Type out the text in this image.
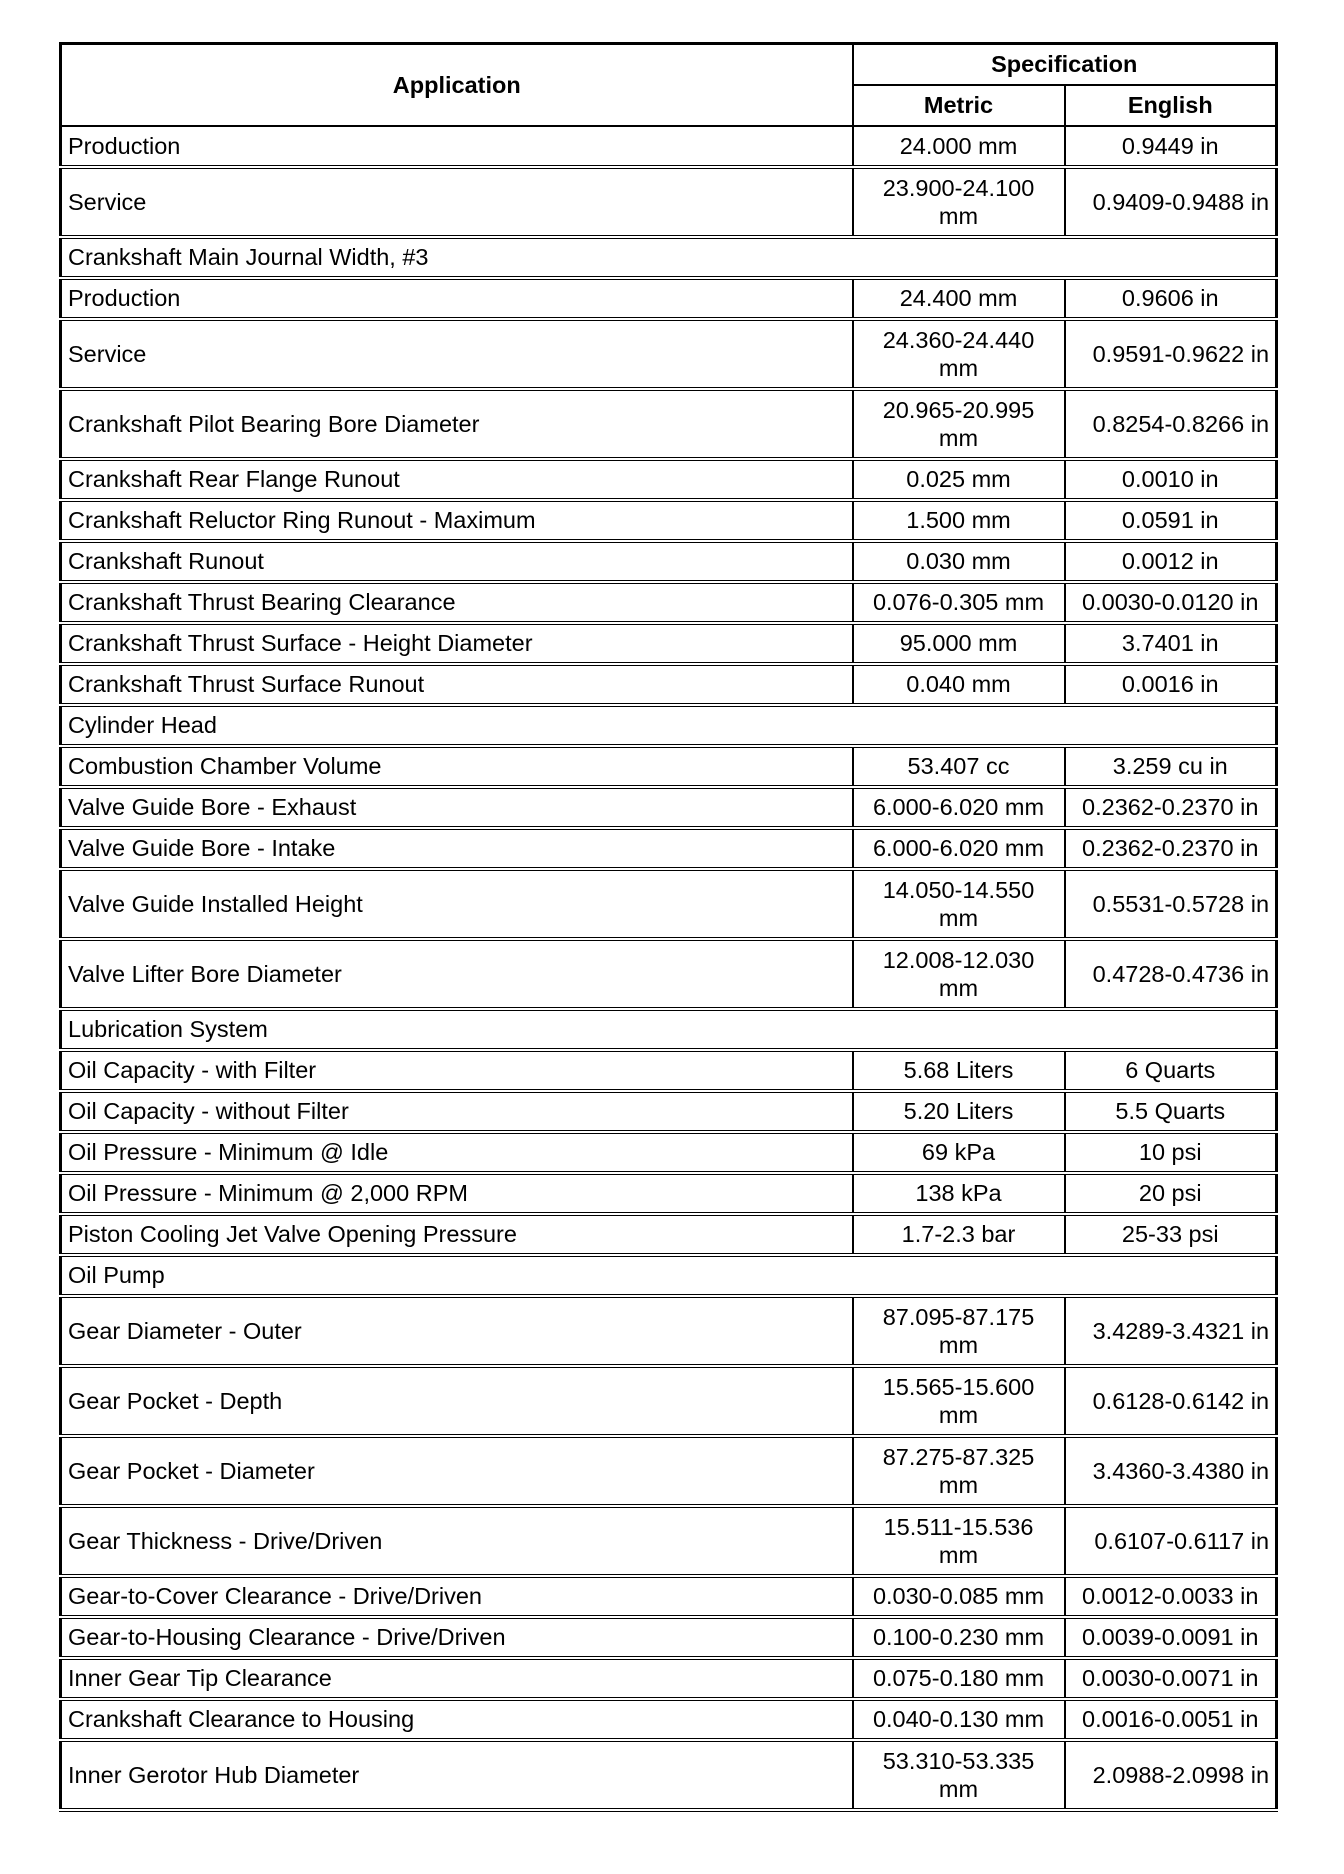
Application	Specification	
	Metric	English
Production	24.000 mm	0.9449 in
Service	23.900-24.100 mm	0.9409-0.9488 in
Crankshaft Main Journal Width, #3		
Production	24.400 mm	0.9606 in
Service	24.360-24.440 mm	0.9591-0.9622 in
Crankshaft Pilot Bearing Bore Diameter	20.965-20.995 mm	0.8254-0.8266 in
Crankshaft Rear Flange Runout	0.025 mm	0.0010 in
Crankshaft Reluctor Ring Runout - Maximum	1.500 mm	0.0591 in
Crankshaft Runout	0.030 mm	0.0012 in
Crankshaft Thrust Bearing Clearance	0.076-0.305 mm	0.0030-0.0120 in
Crankshaft Thrust Surface - Height Diameter	95.000 mm	3.7401 in
Crankshaft Thrust Surface Runout	0.040 mm	0.0016 in
Cylinder Head		
Combustion Chamber Volume	53.407 cc	3.259 cu in
Valve Guide Bore - Exhaust	6.000-6.020 mm	0.2362-0.2370 in
Valve Guide Bore - Intake	6.000-6.020 mm	0.2362-0.2370 in
Valve Guide Installed Height	14.050-14.550 mm	0.5531-0.5728 in
Valve Lifter Bore Diameter	12.008-12.030 mm	0.4728-0.4736 in
Lubrication System		
Oil Capacity - with Filter	5.68 Liters	6 Quarts
Oil Capacity - without Filter	5.20 Liters	5.5 Quarts
Oil Pressure - Minimum @ Idle	69 kPa	10 psi
Oil Pressure - Minimum @ 2,000 RPM	138 kPa	20 psi
Piston Cooling Jet Valve Opening Pressure	1.7-2.3 bar	25-33 psi
Oil Pump		
Gear Diameter - Outer	87.095-87.175 mm	3.4289-3.4321 in
Gear Pocket - Depth	15.565-15.600 mm	0.6128-0.6142 in
Gear Pocket - Diameter	87.275-87.325 mm	3.4360-3.4380 in
Gear Thickness - Drive/Driven	15.511-15.536 mm	0.6107-0.6117 in
Gear-to-Cover Clearance - Drive/Driven	0.030-0.085 mm	0.0012-0.0033 in
Gear-to-Housing Clearance - Drive/Driven	0.100-0.230 mm	0.0039-0.0091 in
Inner Gear Tip Clearance	0.075-0.180 mm	0.0030-0.0071 in
Crankshaft Clearance to Housing	0.040-0.130 mm	0.0016-0.0051 in
Inner Gerotor Hub Diameter	53.310-53.335 mm	2.0988-2.0998 in
